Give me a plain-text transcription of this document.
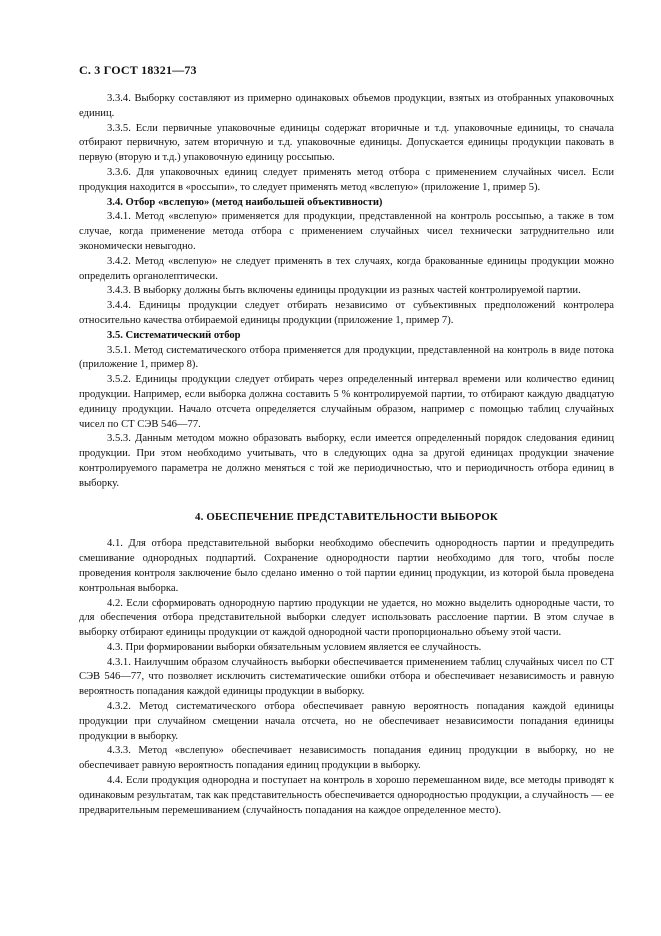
С. 3 ГОСТ 18321—73

3.3.4. Выборку составляют из примерно одинаковых объемов продукции, взятых из отобранных упаковочных единиц.

3.3.5. Если первичные упаковочные единицы содержат вторичные и т.д. упаковочные единицы, то сначала отбирают первичную, затем вторичную и т.д. упаковочные единицы. Допускается единицы продукции паковать в первую (вторую и т.д.) упаковочную единицу россыпью.

3.3.6. Для упаковочных единиц следует применять метод отбора с применением случайных чисел. Если продукция находится в «россыпи», то следует применять метод «вслепую» (приложение 1, пример 5).

3.4. Отбор «вслепую» (метод наибольшей объективности)

3.4.1. Метод «вслепую» применяется для продукции, представленной на контроль россыпью, а также в том случае, когда применение метода отбора с применением случайных чисел технически затруднительно или экономически невыгодно.

3.4.2. Метод «вслепую» не следует применять в тех случаях, когда бракованные единицы продукции можно определить органолептически.

3.4.3. В выборку должны быть включены единицы продукции из разных частей контролируемой партии.

3.4.4. Единицы продукции следует отбирать независимо от субъективных предположений контролера относительно качества отбираемой единицы продукции (приложение 1, пример 7).

3.5. Систематический отбор

3.5.1. Метод систематического отбора применяется для продукции, представленной на контроль в виде потока (приложение 1, пример 8).

3.5.2. Единицы продукции следует отбирать через определенный интервал времени или количество единиц продукции. Например, если выборка должна составить 5 % контролируемой партии, то отбирают каждую двадцатую единицу продукции. Начало отсчета определяется случайным образом, например с помощью таблиц случайных чисел по СТ СЭВ 546—77.

3.5.3. Данным методом можно образовать выборку, если имеется определенный порядок следования единиц продукции. При этом необходимо учитывать, что в следующих одна за другой единицах продукции значение контролируемого параметра не должно меняться с той же периодичностью, что и периодичность отбора единиц в выборку.

4. ОБЕСПЕЧЕНИЕ ПРЕДСТАВИТЕЛЬНОСТИ ВЫБОРОК

4.1. Для отбора представительной выборки необходимо обеспечить однородность партии и предупредить смешивание однородных подпартий. Сохранение однородности партии необходимо для того, чтобы после проведения контроля заключение было сделано именно о той партии единиц продукции, из которой была проведена контрольная выборка.

4.2. Если сформировать однородную партию продукции не удается, но можно выделить однородные части, то для обеспечения отбора представительной выборки следует использовать расслоение партии. В этом случае в выборку отбирают единицы продукции от каждой однородной части пропорционально объему этой части.

4.3. При формировании выборки обязательным условием является ее случайность.

4.3.1. Наилучшим образом случайность выборки обеспечивается применением таблиц случайных чисел по СТ СЭВ 546—77, что позволяет исключить систематические ошибки отбора и обеспечивает независимость и равную вероятность попадания каждой единицы продукции в выборку.

4.3.2. Метод систематического отбора обеспечивает равную вероятность попадания каждой единицы продукции при случайном смещении начала отсчета, но не обеспечивает независимости попадания единицы продукции в выборку.

4.3.3. Метод «вслепую» обеспечивает независимость попадания единиц продукции в выборку, но не обеспечивает равную вероятность попадания единиц продукции в выборку.

4.4. Если продукция однородна и поступает на контроль в хорошо перемешанном виде, все методы приводят к одинаковым результатам, так как представительность обеспечивается однородностью продукции, а случайность — ее предварительным перемешиванием (случайность попадания на каждое определенное место).
